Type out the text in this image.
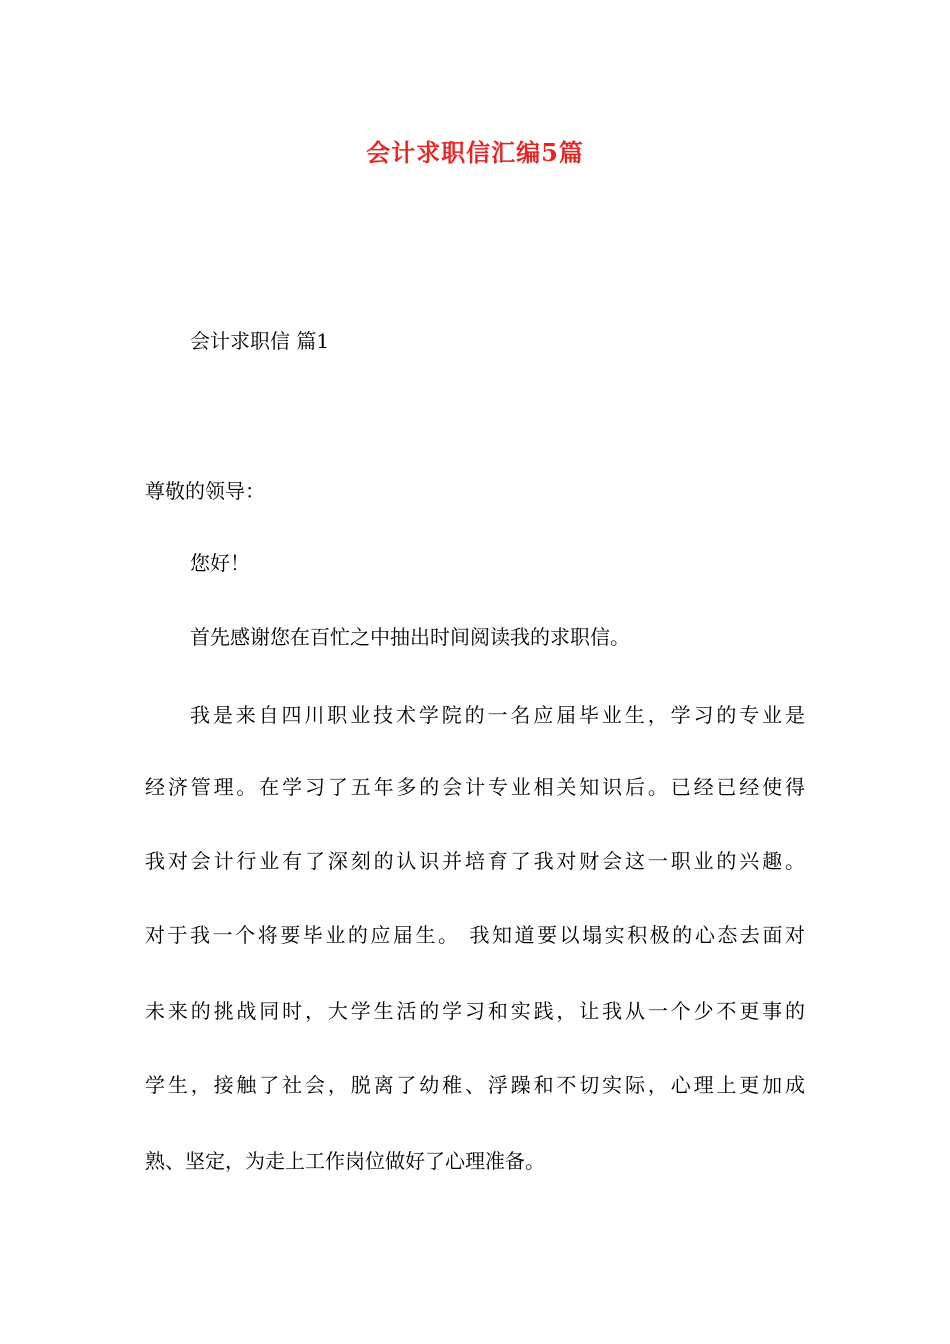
会计求职信汇编5篇
会计求职信 篇1
尊敬的领导：
您好！
首先感谢您在百忙之中抽出时间阅读我的求职信。
我是来自四川职业技术学院的一名应届毕业生，学习的专业是
经济管理。在学习了五年多的会计专业相关知识后。已经已经使得
我对会计行业有了深刻的认识并培育了我对财会这一职业的兴趣。
对于我一个将要毕业的应届生。 我知道要以塌实积极的心态去面对
未来的挑战同时，大学生活的学习和实践，让我从一个少不更事的
学生，接触了社会，脱离了幼稚、浮躁和不切实际，心理上更加成
熟、坚定，为走上工作岗位做好了心理准备。
